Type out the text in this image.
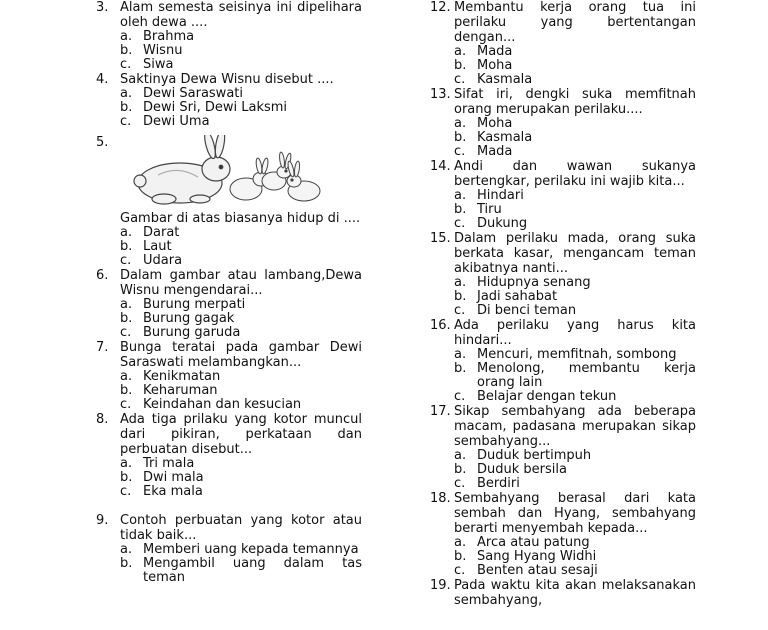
3. Alam semesta seisinya ini dipelihara oleh dewa ....
a. Brahma
b. Wisnu
c. Siwa
4. Saktinya Dewa Wisnu disebut ....
a. Dewi Saraswati
b. Dewi Sri, Dewi Laksmi
c. Dewi Uma
5.
Gambar di atas biasanya hidup di ....
a. Darat
b. Laut
c. Udara
6. Dalam gambar atau lambang,Dewa Wisnu mengendarai...
a. Burung merpati
b. Burung gagak
c. Burung garuda
7. Bunga teratai pada gambar Dewi Saraswati melambangkan...
a. Kenikmatan
b. Keharuman
c. Keindahan dan kesucian
8. Ada tiga prilaku yang kotor muncul dari pikiran, perkataan dan perbuatan disebut...
a. Tri mala
b. Dwi mala
c. Eka mala
9. Contoh perbuatan yang kotor atau tidak baik...
a. Memberi uang kepada temannya
b. Mengambil uang dalam tas teman
12. Membantu kerja orang tua ini perilaku yang bertentangan dengan...
a. Mada
b. Moha
c. Kasmala
13. Sifat iri, dengki suka memfitnah orang merupakan perilaku....
a. Moha
b. Kasmala
c. Mada
14. Andi dan wawan sukanya bertengkar, perilaku ini wajib kita...
a. Hindari
b. Tiru
c. Dukung
15. Dalam perilaku mada, orang suka berkata kasar, mengancam teman akibatnya nanti...
a. Hidupnya senang
b. Jadi sahabat
c. Di benci teman
16. Ada perilaku yang harus kita hindari...
a. Mencuri, memfitnah, sombong
b. Menolong, membantu kerja orang lain
c. Belajar dengan tekun
17. Sikap sembahyang ada beberapa macam, padasana merupakan sikap sembahyang...
a. Duduk bertimpuh
b. Duduk bersila
c. Berdiri
18. Sembahyang berasal dari kata sembah dan Hyang, sembahyang berarti menyembah kepada...
a. Arca atau patung
b. Sang Hyang Widhi
c. Benten atau sesaji
19. Pada waktu kita akan melaksanakan sembahyang,
